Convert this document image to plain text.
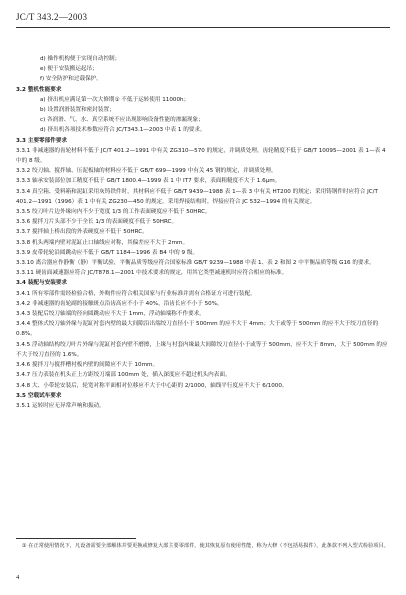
JC/T 343.2—2003

d) 操作机构便于实现自动控制；

e) 便于安装搬运起吊；

f) 安全防护和过载保护。

3.2 整机性能要求

a) 挤出机应满足第一次大修期① 不低于运转使用 11000h；

b) 设置润滑装置和密封装置；

c) 各润滑、气、水、真空系统不应出现影响设备性能的渗漏现象；

d) 挤出机各项技术参数应符合 JC/T343.1—2003 中表 1 的要求。

3.3 主要零部件要求

3.3.1 非减速器的齿轮材料不低于 JC/T 401.2—1991 中有关 ZG310—570 的规定，并调质处理，齿轮精度不低于 GB/T 10095—2001 表 1—表 4 中的 8 级。

3.3.2 绞刀轴、搅拌轴、压泥板轴的材料应不低于 GB/T 699—1999 中有关 45 钢的规定，并调质处理。

3.3.3 轴承安装部位加工精度不低于 GB/T 1800.4—1999 表 1 中 IT7 要求，表面粗糙度不大于 1.6μm。

3.3.4 真空箱、受料箱和泥缸采用灰铸铁件时，其材料应不低于 GB/T 9439—1988 表 1—表 3 中有关 HT200 的规定；采用铸钢件时应符合 JC/T 401.2—1991（1996）表 1 中有关 ZG230—450 的规定。采用焊接结构时，焊接应符合 JC 532—1994 的有关规定。

3.3.5 绞刀叶片边外缘向内不少于宽度 1/3 的工作表面硬度应不低于 50HRC。

3.3.6 搅拌刀片头部不少于全长 1/3 的表面硬度不低于 50HRC。

3.3.7 搅拌轴上桥出段的外表硬度应不低于 50HRC。

3.3.8 机头两端内壁对泥缸止口轴线应对称，其偏差应不大于 2mm。

3.3.9 皮带轮轮沿圆跳动应不低于 GB/T 1184—1996 表 B4 中的 9 级。

3.3.10 离合器应作静衡（静）平衡试验，平衡品质等级应符合国家标准 GB/T 9239—1988 中表 1、表 2 和图 2 中平衡品质等级 G16 的要求。

3.3.11 硬齿面减速器应符合 JC/T878.1—2001 中技术要求的规定，用其它类型减速机时应符合相应的标准。

3.4 装配与安装要求

3.4.1 所有零部件需经检验合格，外购件应符合相关国家与行业标准并需有合格证方可进行装配。

3.4.2 非减速器的齿轮副的接触斑点沿齿高应不小于 40%，沿齿长应不小于 50%。

3.4.3 装配后绞刀轴端的径向圆跳动应不大于 1mm，浮动轴端称不作要求。

3.4.4 整体式绞刀轴外缘与泥缸衬套内壁的最大间隙沿出端绞刀直径小于 500mm 的应不大于 4mm；大于或等于 500mm 的应不大于绞刀直径的 0.8%。

3.4.5 浮动轴结构绞刀叶片外缘与泥缸衬套内壁不磨擦，上缘与衬套内缘最大间隙绞刀直径小于或等于 500mm，应不大于 8mm，大于 500mm 的应不大于绞刀直径的 1.6%。

3.4.6 搅拌刀与搅拌槽衬板内壁的间隙应不大于 10mm。

3.4.7 压力表装在机头正上方距绞刀端部 100mm 处，插入深度应不超过机头内表面。

3.4.8 大、小带轮安装后，轮宽对称平面相对位移应不大于中心距的 2/1000，轴线平行度应不大于 6/1000。

3.5 空载试车要求

3.5.1 运转时应无异常声响和振动。

① 在正常使用情况下，凡设备需要全部解体并要更换或修复大部主要零部件，使其恢复原有使用性能，称为大修（不包括易损件），此条款不列入型式检验项目。
4
